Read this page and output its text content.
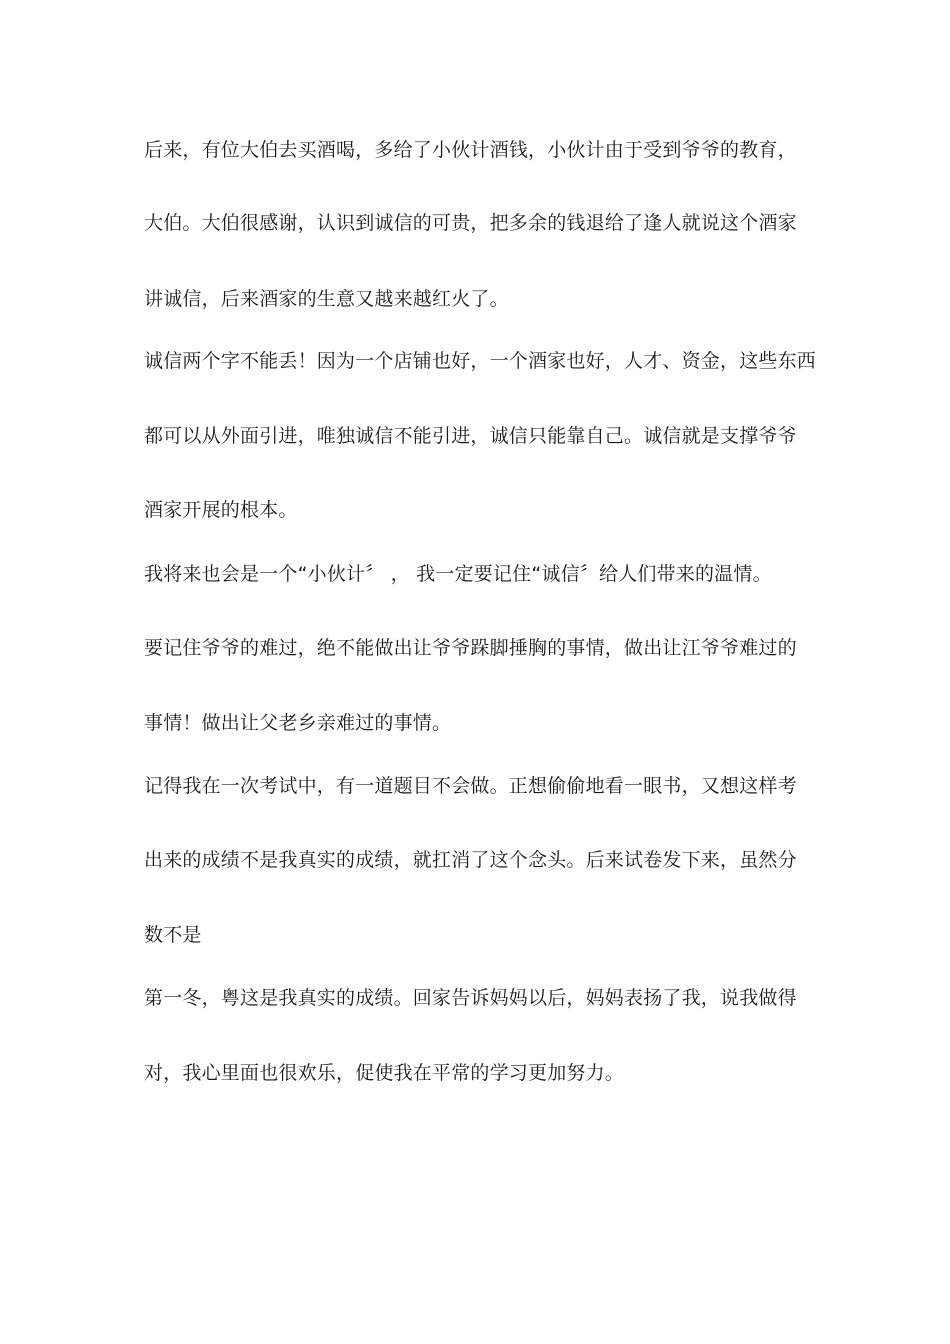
后来，有位大伯去买酒喝，多给了小伙计酒钱，小伙计由于受到爷爷的教育，
大伯。大伯很感谢，认识到诚信的可贵，把多余的钱退给了逢人就说这个酒家
讲诚信，后来酒家的生意又越来越红火了。
诚信两个字不能丢！因为一个店铺也好，一个酒家也好，人才、资金，这些东西
都可以从外面引进，唯独诚信不能引进，诚信只能靠自己。诚信就是支撑爷爷
酒家开展的根本。
我将来也会是一个“小伙计〞 ， 我一定要记住“诚信〞给人们带来的温情。
要记住爷爷的难过，绝不能做出让爷爷跺脚捶胸的事情，做出让江爷爷难过的
事情！做出让父老乡亲难过的事情。
记得我在一次考试中，有一道题目不会做。正想偷偷地看一眼书，又想这样考
出来的成绩不是我真实的成绩，就扛消了这个念头。后来试卷发下来，虽然分
数不是
第一冬，粤这是我真实的成绩。回家告诉妈妈以后，妈妈表扬了我，说我做得
对，我心里面也很欢乐，促使我在平常的学习更加努力。
